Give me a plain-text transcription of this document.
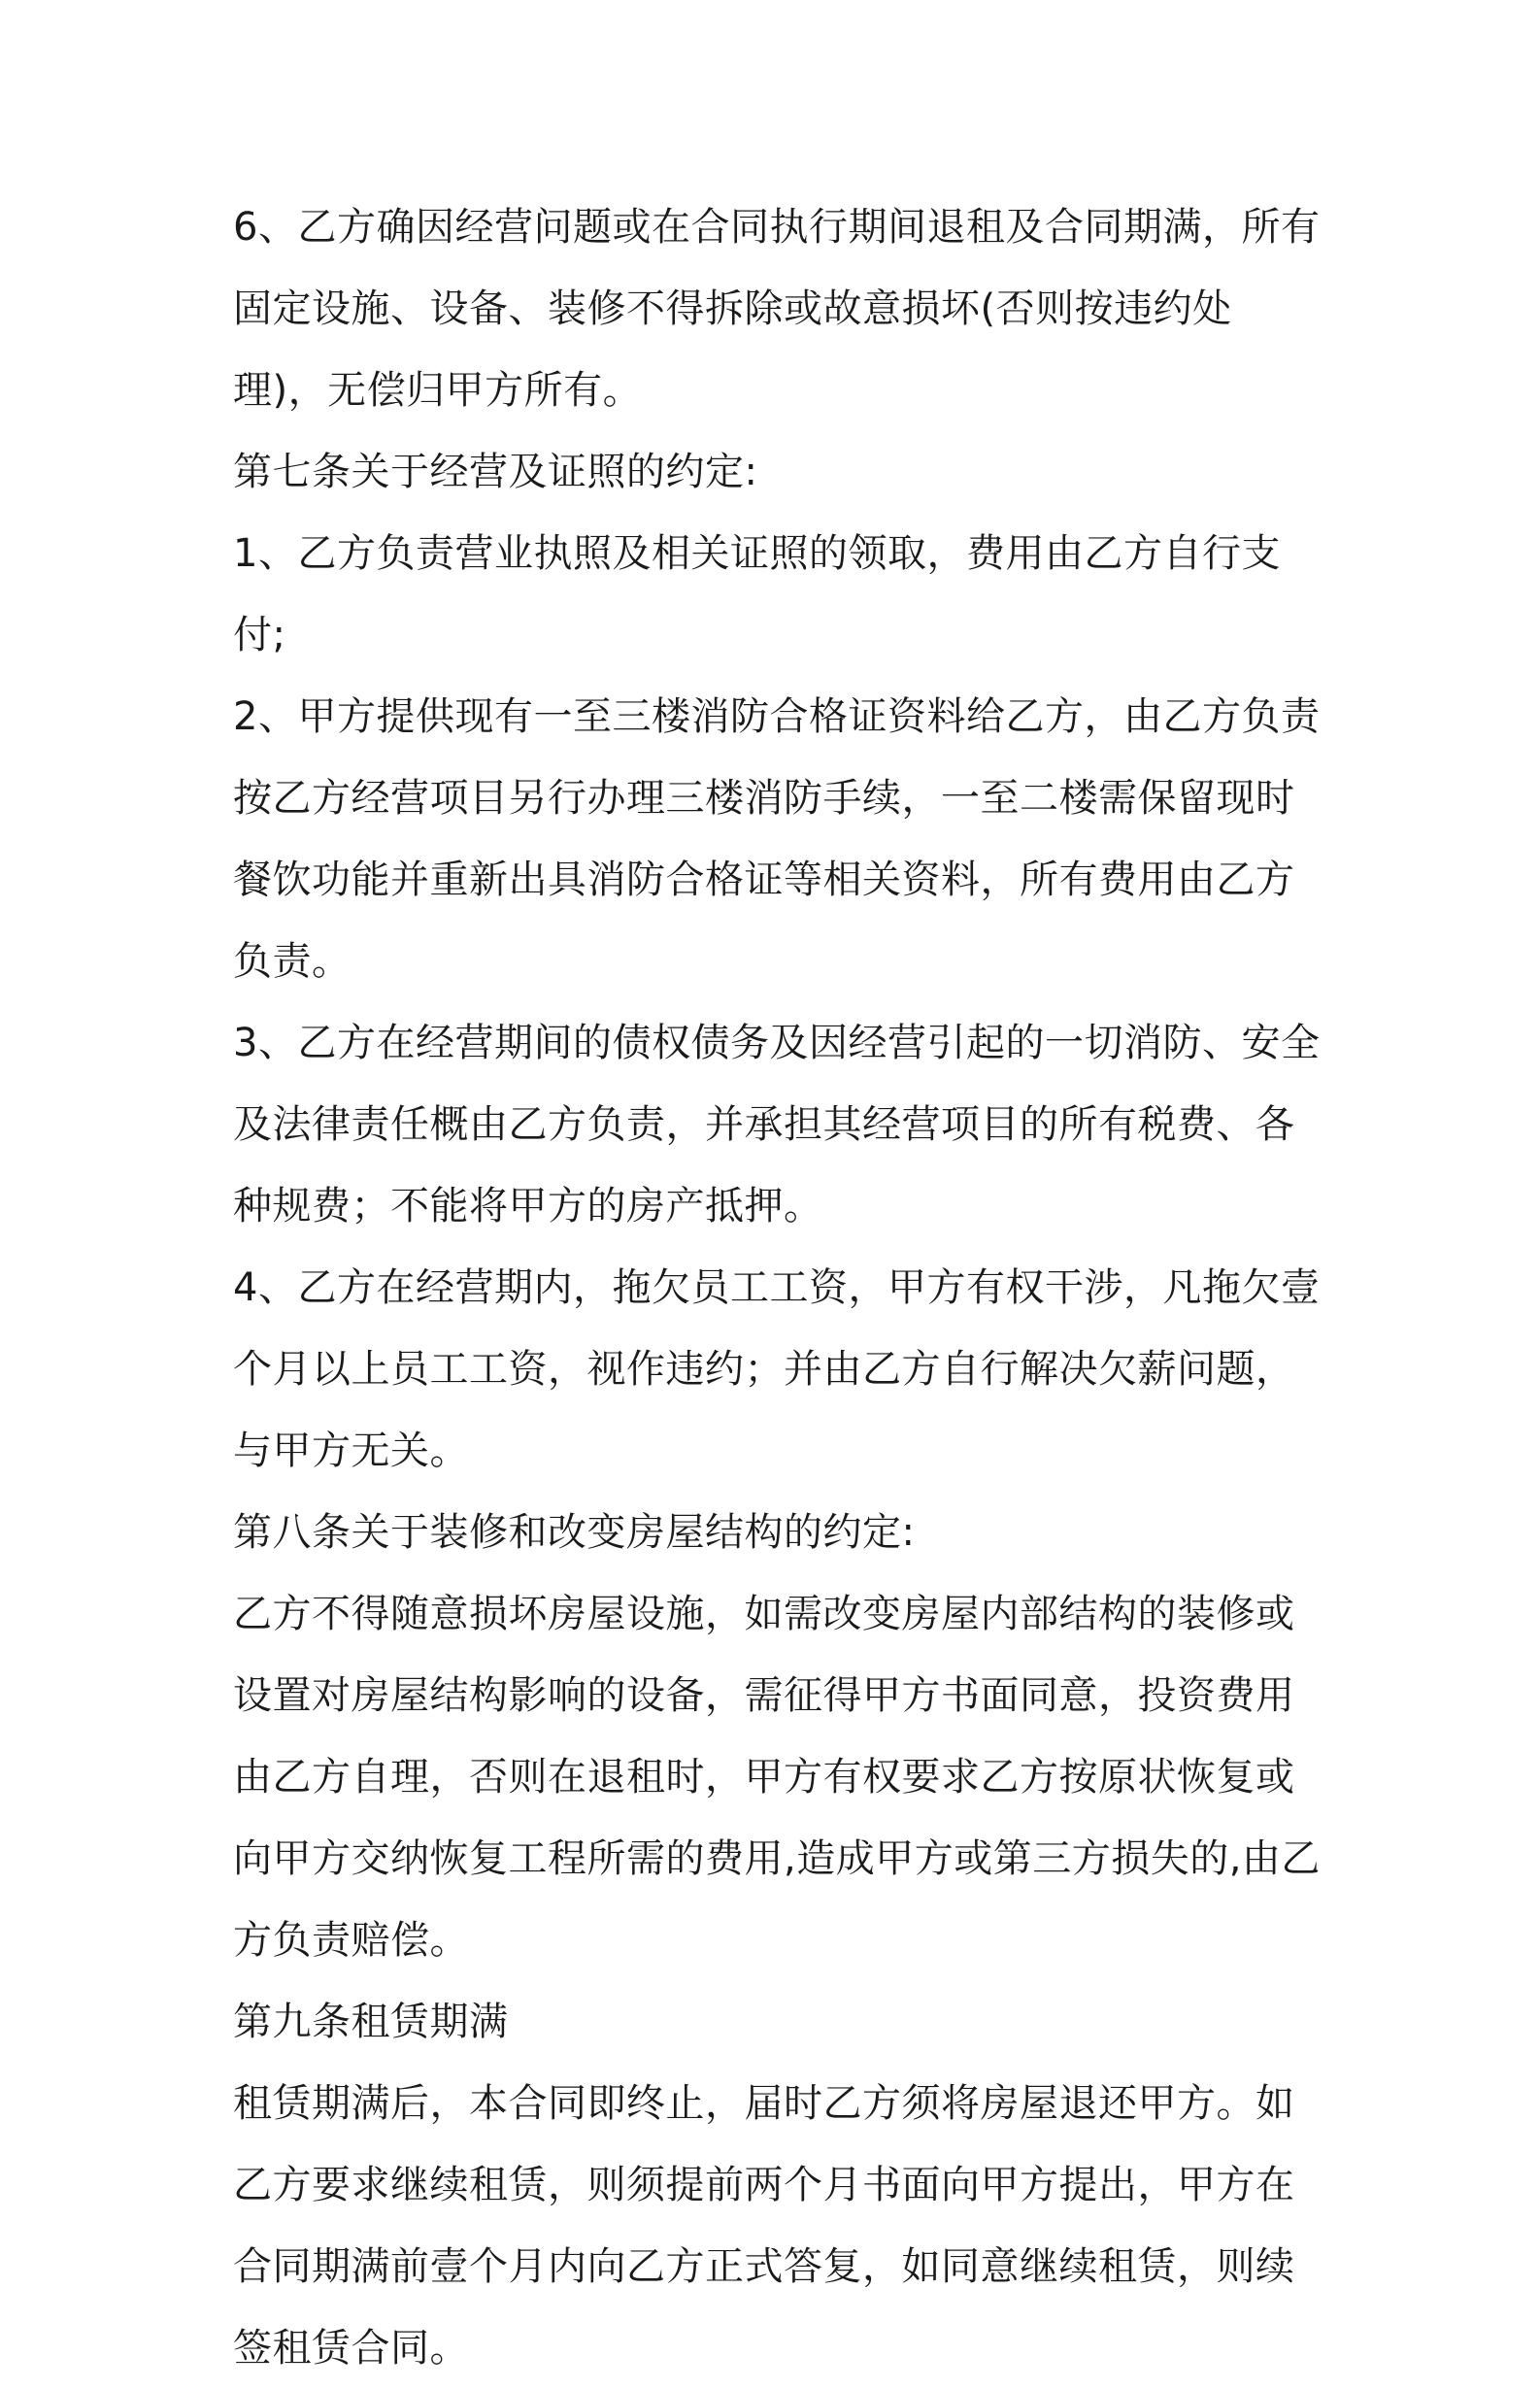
6、乙方确因经营问题或在合同执行期间退租及合同期满，所有固定设施、设备、装修不得拆除或故意损坏(否则按违约处理)，无偿归甲方所有。

第七条关于经营及证照的约定:

1、乙方负责营业执照及相关证照的领取，费用由乙方自行支付;

2、甲方提供现有一至三楼消防合格证资料给乙方，由乙方负责按乙方经营项目另行办理三楼消防手续，一至二楼需保留现时餐饮功能并重新出具消防合格证等相关资料，所有费用由乙方负责。

3、乙方在经营期间的债权债务及因经营引起的一切消防、安全及法律责任概由乙方负责，并承担其经营项目的所有税费、各种规费；不能将甲方的房产抵押。

4、乙方在经营期内，拖欠员工工资，甲方有权干涉，凡拖欠壹个月以上员工工资，视作违约；并由乙方自行解决欠薪问题，与甲方无关。

第八条关于装修和改变房屋结构的约定:

乙方不得随意损坏房屋设施，如需改变房屋内部结构的装修或设置对房屋结构影响的设备，需征得甲方书面同意，投资费用由乙方自理，否则在退租时，甲方有权要求乙方按原状恢复或向甲方交纳恢复工程所需的费用,造成甲方或第三方损失的,由乙方负责赔偿。

第九条租赁期满

租赁期满后，本合同即终止，届时乙方须将房屋退还甲方。如乙方要求继续租赁，则须提前两个月书面向甲方提出，甲方在合同期满前壹个月内向乙方正式答复，如同意继续租赁，则续签租赁合同。
